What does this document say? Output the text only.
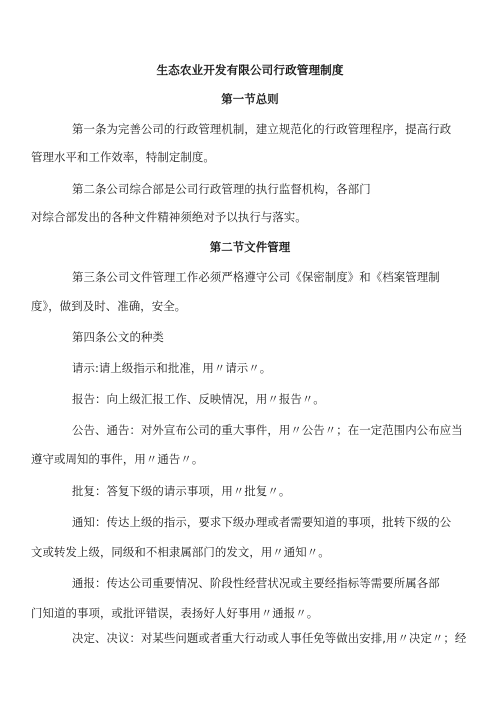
生态农业开发有限公司行政管理制度
第一节总则
第一条为完善公司的行政管理机制，建立规范化的行政管理程序，提高行政
管理水平和工作效率，特制定制度。
第二条公司综合部是公司行政管理的执行监督机构，各部门
对综合部发出的各种文件精神须绝对予以执行与落实。
第二节文件管理
第三条公司文件管理工作必须严格遵守公司《保密制度》和《档案管理制
度》，做到及时、准确，安全。
第四条公文的种类
请示:请上级指示和批准，用〃请示〃。
报告：向上级汇报工作、反映情况，用〃报告〃。
公告、通告：对外宣布公司的重大事件，用〃公告〃；在一定范围内公布应当
遵守或周知的事件，用〃通告〃。
批复：答复下级的请示事项，用〃批复〃。
通知：传达上级的指示，要求下级办理或者需要知道的事项，批转下级的公
文或转发上级，同级和不相隶属部门的发文，用〃通知〃。
通报：传达公司重要情况、阶段性经营状况或主要经指标等需要所属各部
门知道的事项，或批评错误，表扬好人好事用〃通报〃。
决定、决议：对某些问题或者重大行动或人事任免等做出安排,用〃决定〃；经
